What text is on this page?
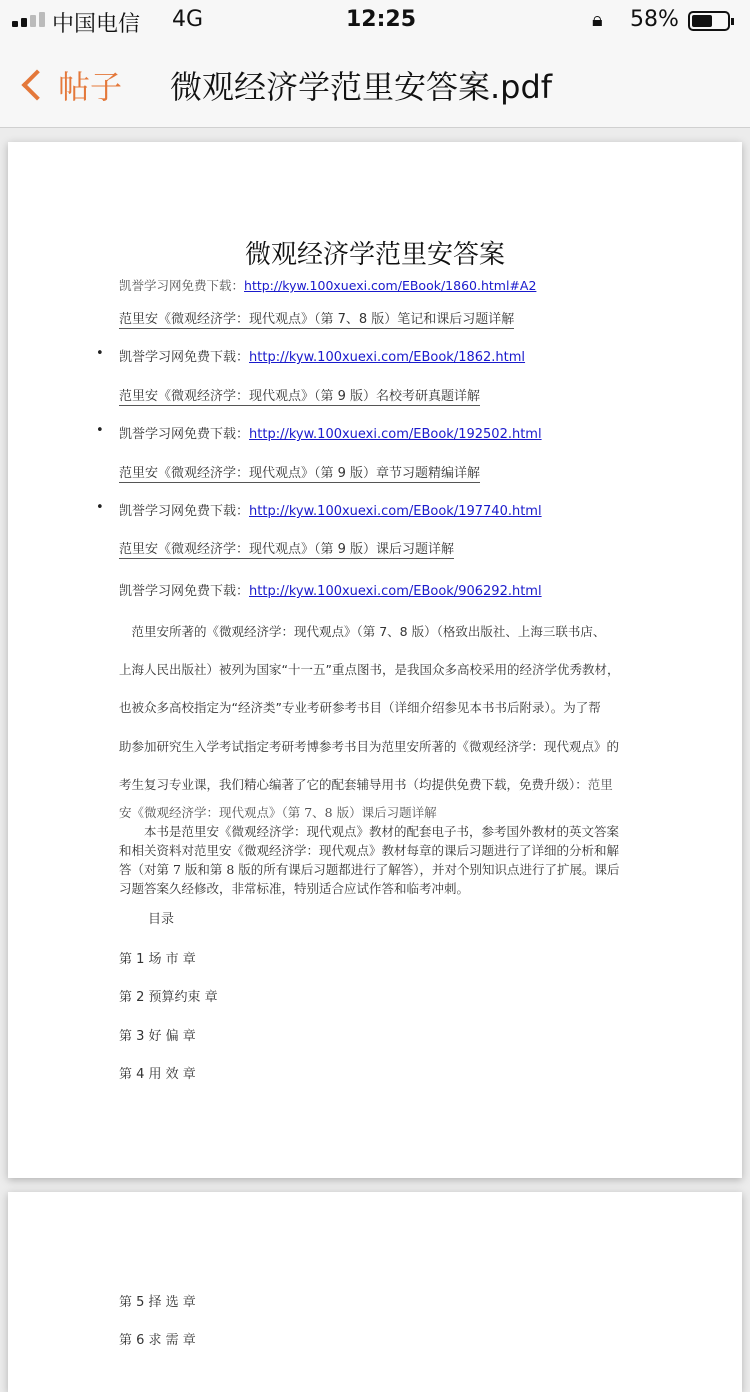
中国电信 4G	12:25	🔒︎ 58%
帖子 微观经济学范里安答案.pdf
微观经济学范里安答案
凯誉学习网免费下载：http://kyw.100xuexi.com/EBook/1860.html#A2
范里安《微观经济学：现代观点》（第 7、8 版）笔记和课后习题详解
• 凯誉学习网免费下载：http://kyw.100xuexi.com/EBook/1862.html
范里安《微观经济学：现代观点》（第 9 版）名校考研真题详解
• 凯誉学习网免费下载：http://kyw.100xuexi.com/EBook/192502.html
范里安《微观经济学：现代观点》（第 9 版）章节习题精编详解
• 凯誉学习网免费下载：http://kyw.100xuexi.com/EBook/197740.html
范里安《微观经济学：现代观点》（第 9 版）课后习题详解
凯誉学习网免费下载：http://kyw.100xuexi.com/EBook/906292.html
　范里安所著的《微观经济学：现代观点》（第 7、8 版）（格致出版社、上海三联书店、
上海人民出版社）被列为国家“十一五”重点图书，是我国众多高校采用的经济学优秀教材，
也被众多高校指定为“经济类”专业考研参考书目（详细介绍参见本书书后附录）。为了帮
助参加研究生入学考试指定考研考博参考书目为范里安所著的《微观经济学：现代观点》的
考生复习专业课，我们精心编著了它的配套辅导用书（均提供免费下载，免费升级）：范里
安《微观经济学：现代观点》（第 7、8 版）课后习题详解
　　本书是范里安《微观经济学：现代观点》教材的配套电子书，参考国外教材的英文答案和相关资料对范里安《微观经济学：现代观点》教材每章的课后习题进行了详细的分析和解答（对第 7 版和第 8 版的所有课后习题都进行了解答），并对个别知识点进行了扩展。课后习题答案久经修改，非常标准，特别适合应试作答和临考冲刺。
目录
第 1 场 市 章
第 2 预算约束 章
第 3 好 偏 章
第 4 用 效 章
第 5 择 选 章
第 6 求 需 章
